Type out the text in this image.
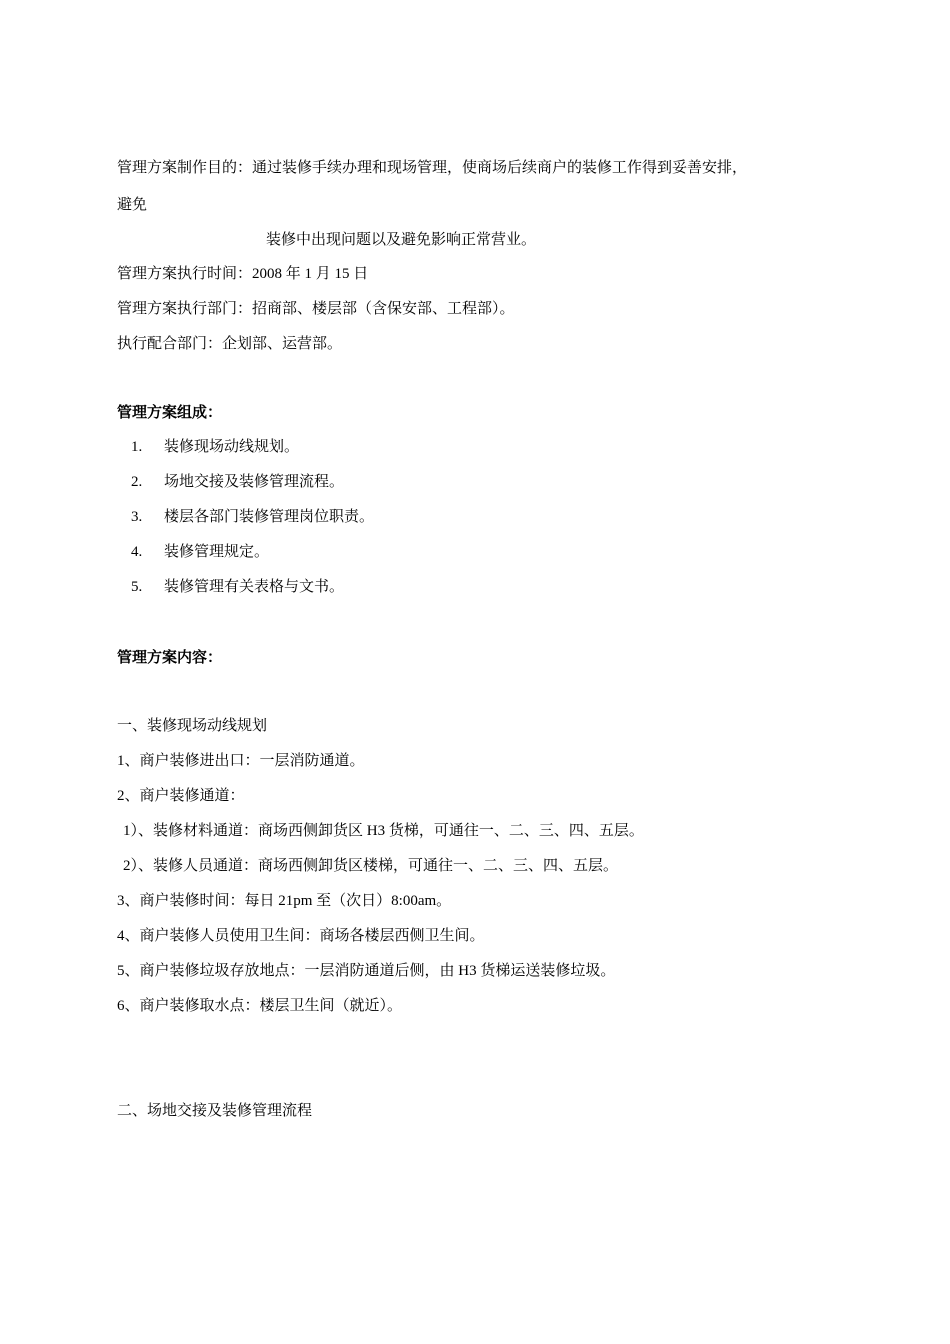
管理方案制作目的：通过装修手续办理和现场管理，使商场后续商户的装修工作得到妥善安排，
避免
装修中出现问题以及避免影响正常营业。
管理方案执行时间：2008 年 1 月 15 日
管理方案执行部门：招商部、楼层部（含保安部、工程部）。
执行配合部门：企划部、运营部。
管理方案组成：
1. 装修现场动线规划。
2. 场地交接及装修管理流程。
3. 楼层各部门装修管理岗位职责。
4. 装修管理规定。
5. 装修管理有关表格与文书。
管理方案内容：
一、装修现场动线规划
1、商户装修进出口：一层消防通道。
2、商户装修通道：
1）、装修材料通道：商场西侧卸货区 H3 货梯，可通往一、二、三、四、五层。
2）、装修人员通道：商场西侧卸货区楼梯，可通往一、二、三、四、五层。
3、商户装修时间：每日 21pm 至（次日）8:00am。
4、商户装修人员使用卫生间：商场各楼层西侧卫生间。
5、商户装修垃圾存放地点：一层消防通道后侧，由 H3 货梯运送装修垃圾。
6、商户装修取水点：楼层卫生间（就近）。
二、场地交接及装修管理流程
